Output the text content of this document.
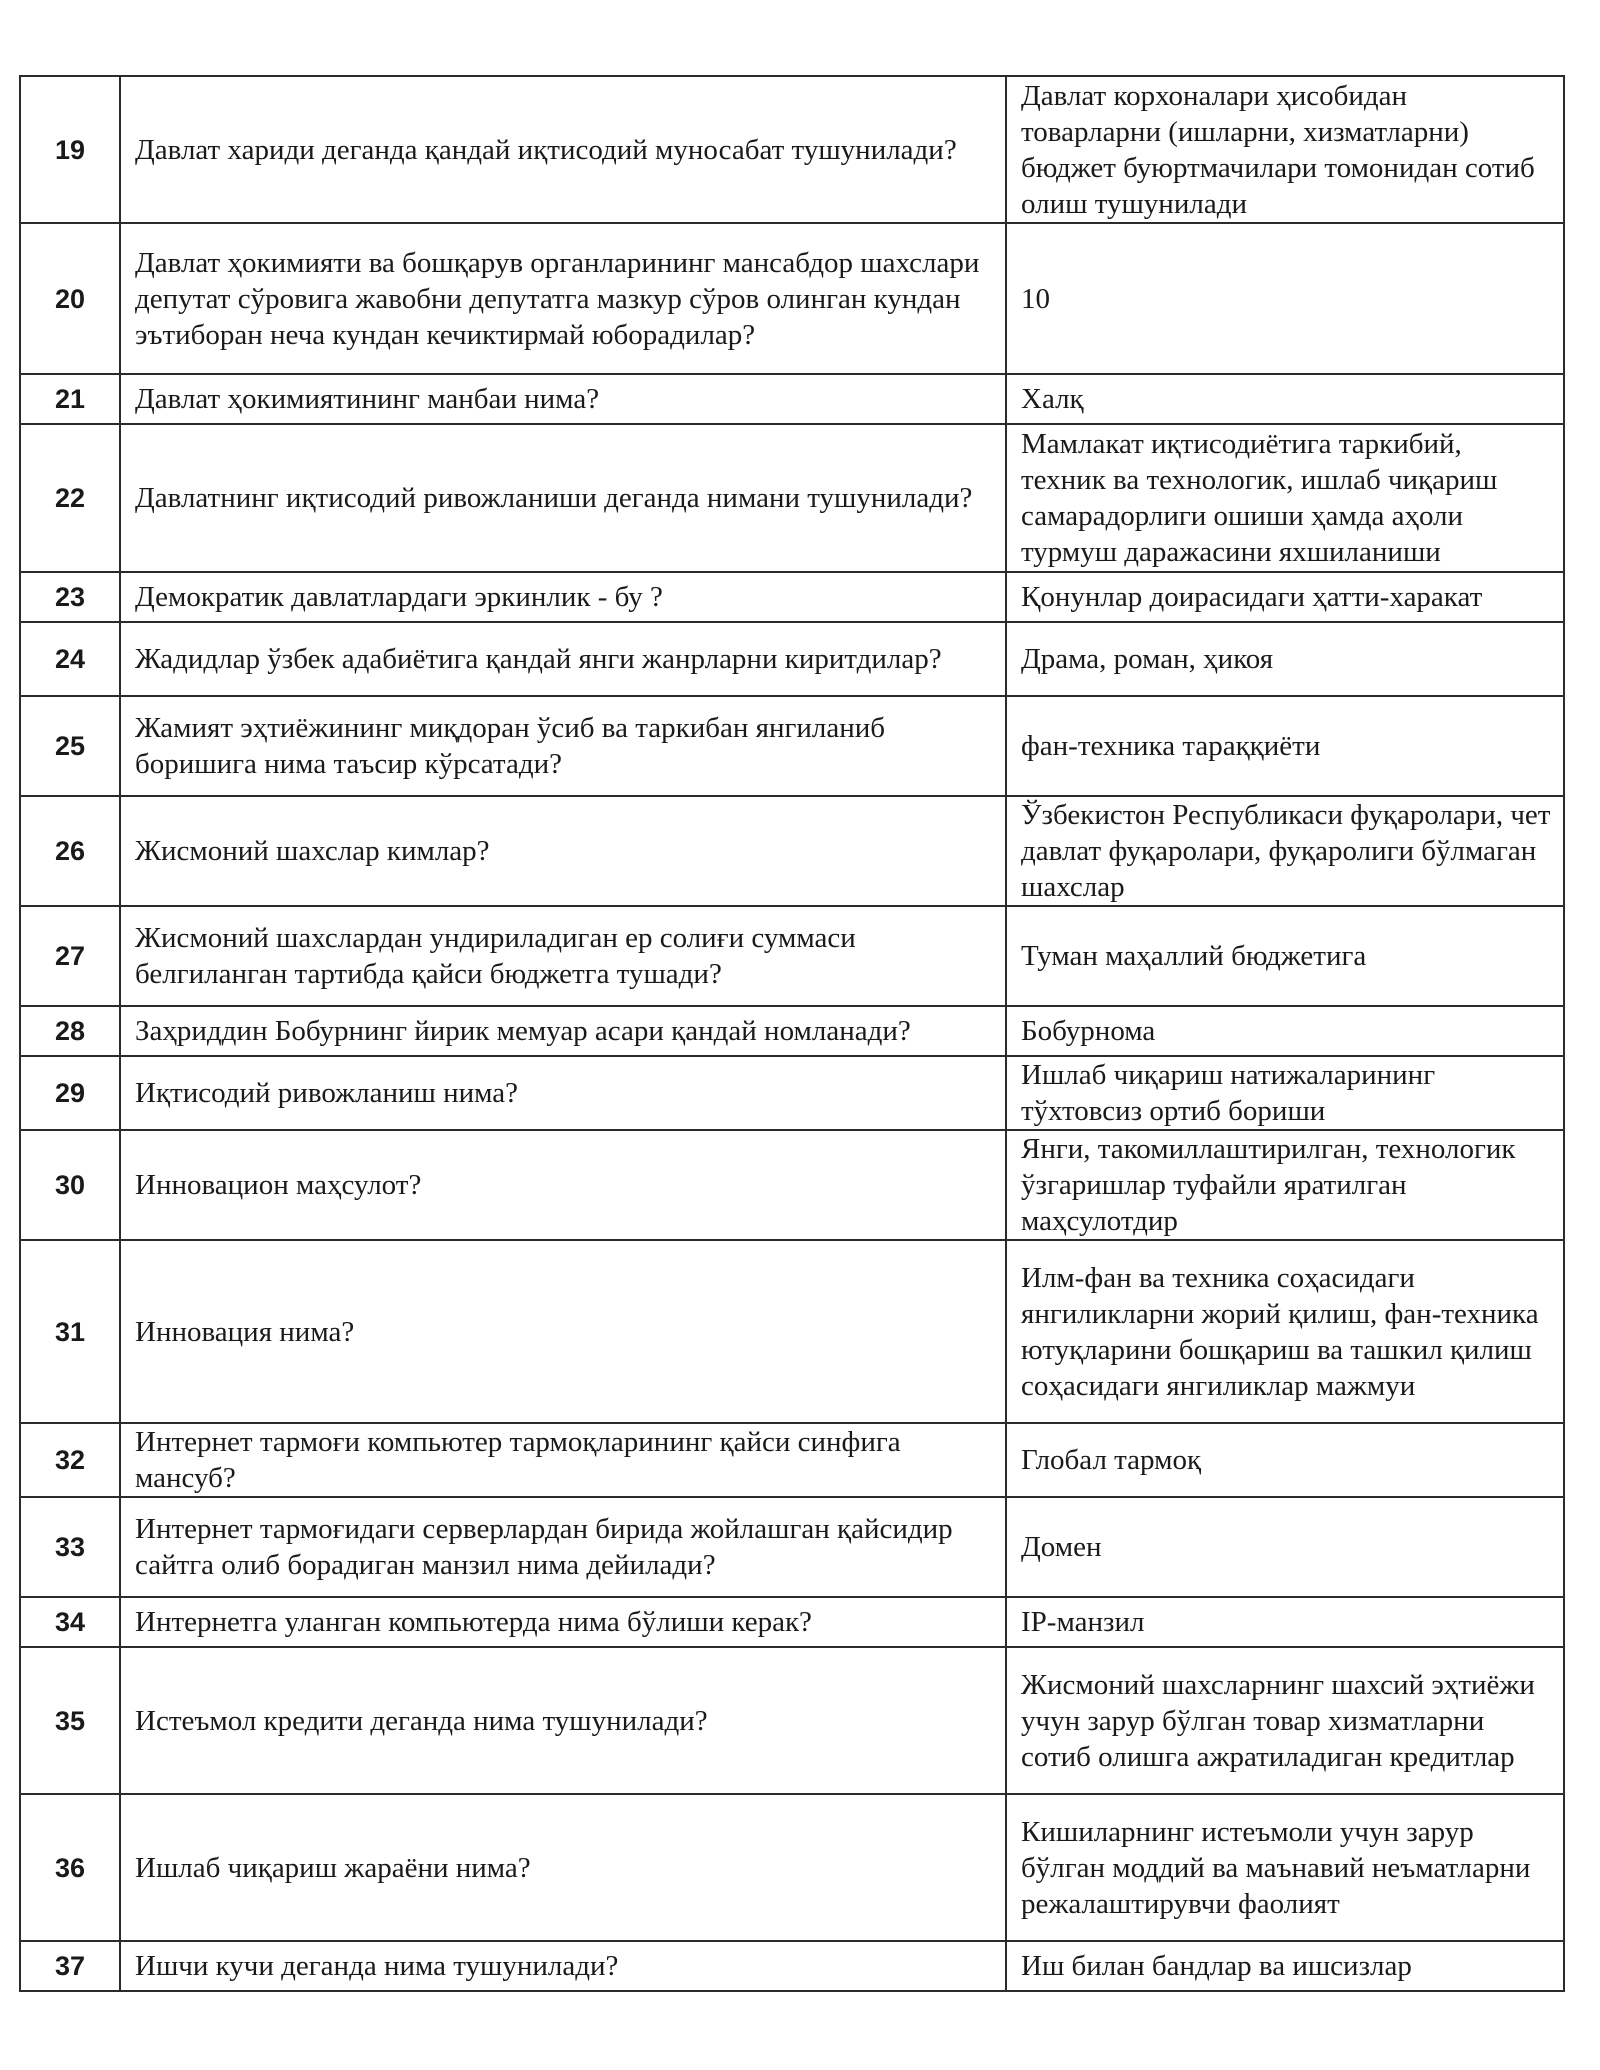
19	Давлат хариди деганда қандай иқтисодий муносабат тушунилади?	Давлат корхоналари ҳисобидан товарларни (ишларни, хизматларни) бюджет буюртмачилари томонидан сотиб олиш тушунилади
20	Давлат ҳокимияти ва бошқарув органларининг мансабдор шахслари депутат сўровига жавобни депутатга мазкур сўров олинган кундан эътиборан неча кундан кечиктирмай юборадилар?	10
21	Давлат ҳокимиятининг манбаи нима?	Халқ
22	Давлатнинг иқтисодий ривожланиши деганда нимани тушунилади?	Мамлакат иқтисодиётига таркибий, техник ва технологик, ишлаб чиқариш самарадорлиги ошиши ҳамда аҳоли турмуш даражасини яхшиланиши
23	Демократик давлатлардаги эркинлик - бу ?	Қонунлар доирасидаги ҳатти-харакат
24	Жадидлар ўзбек адабиётига қандай янги жанрларни киритдилар?	Драма, роман, ҳикоя
25	Жамият эҳтиёжининг миқдоран ўсиб ва таркибан янгиланиб боришига нима таъсир кўрсатади?	фан-техника тараққиёти
26	Жисмоний шахслар кимлар?	Ўзбекистон Республикаси фуқаролари, чет давлат фуқаролари, фуқаролиги бўлмаган шахслар
27	Жисмоний шахслардан ундириладиган ер солиғи суммаси белгиланган тартибда қайси бюджетга тушади?	Туман маҳаллий бюджетига
28	Заҳриддин Бобурнинг йирик мемуар асари қандай номланади?	Бобурнома
29	Иқтисодий ривожланиш нима?	Ишлаб чиқариш натижаларининг тўхтовсиз ортиб бориши
30	Инновацион маҳсулот?	Янги, такомиллаштирилган, технологик ўзгаришлар туфайли яратилган маҳсулотдир
31	Инновация нима?	Илм-фан ва техника соҳасидаги янгиликларни жорий қилиш, фан-техника ютуқларини бошқариш ва ташкил қилиш соҳасидаги янгиликлар мажмуи
32	Интернет тармоғи компьютер тармоқларининг қайси синфига мансуб?	Глобал тармоқ
33	Интернет тармоғидаги серверлардан бирида жойлашган қайсидир сайтга олиб борадиган манзил нима дейилади?	Домен
34	Интернетга уланган компьютерда нима бўлиши керак?	IP-манзил
35	Истеъмол кредити деганда нима тушунилади?	Жисмоний шахсларнинг шахсий эҳтиёжи учун зарур бўлган товар хизматларни сотиб олишга ажратиладиган кредитлар
36	Ишлаб чиқариш жараёни нима?	Кишиларнинг истеъмоли учун зарур бўлган моддий ва маънавий неъматларни режалаштирувчи фаолият
37	Ишчи кучи деганда нима тушунилади?	Иш билан бандлар ва ишсизлар
